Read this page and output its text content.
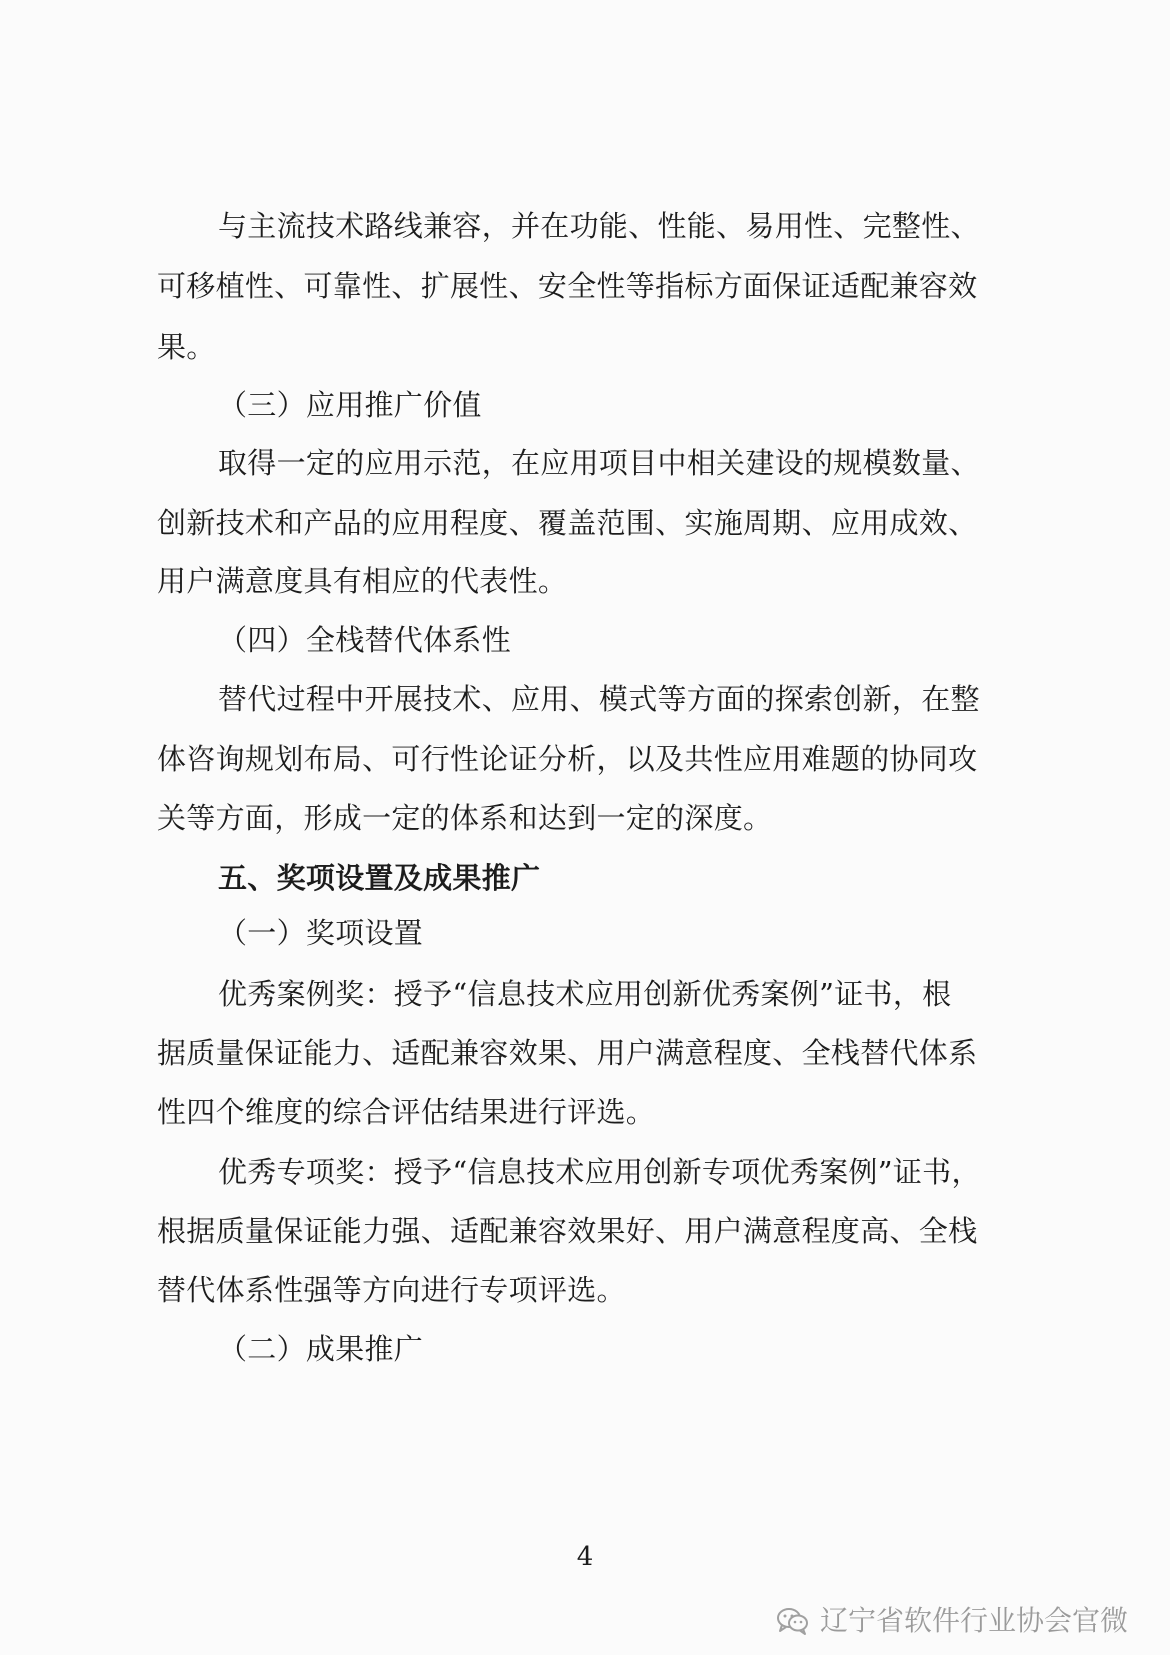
与主流技术路线兼容，并在功能、性能、易用性、完整性、
可移植性、可靠性、扩展性、安全性等指标方面保证适配兼容效
果。
（三）应用推广价值
取得一定的应用示范，在应用项目中相关建设的规模数量、
创新技术和产品的应用程度、覆盖范围、实施周期、应用成效、
用户满意度具有相应的代表性。
（四）全栈替代体系性
替代过程中开展技术、应用、模式等方面的探索创新，在整
体咨询规划布局、可行性论证分析，以及共性应用难题的协同攻
关等方面，形成一定的体系和达到一定的深度。
五、奖项设置及成果推广
（一）奖项设置
优秀案例奖：授予“信息技术应用创新优秀案例”证书，根
据质量保证能力、适配兼容效果、用户满意程度、全栈替代体系
性四个维度的综合评估结果进行评选。
优秀专项奖：授予“信息技术应用创新专项优秀案例”证书，
根据质量保证能力强、适配兼容效果好、用户满意程度高、全栈
替代体系性强等方向进行专项评选。
（二）成果推广
4
辽宁省软件行业协会官微
